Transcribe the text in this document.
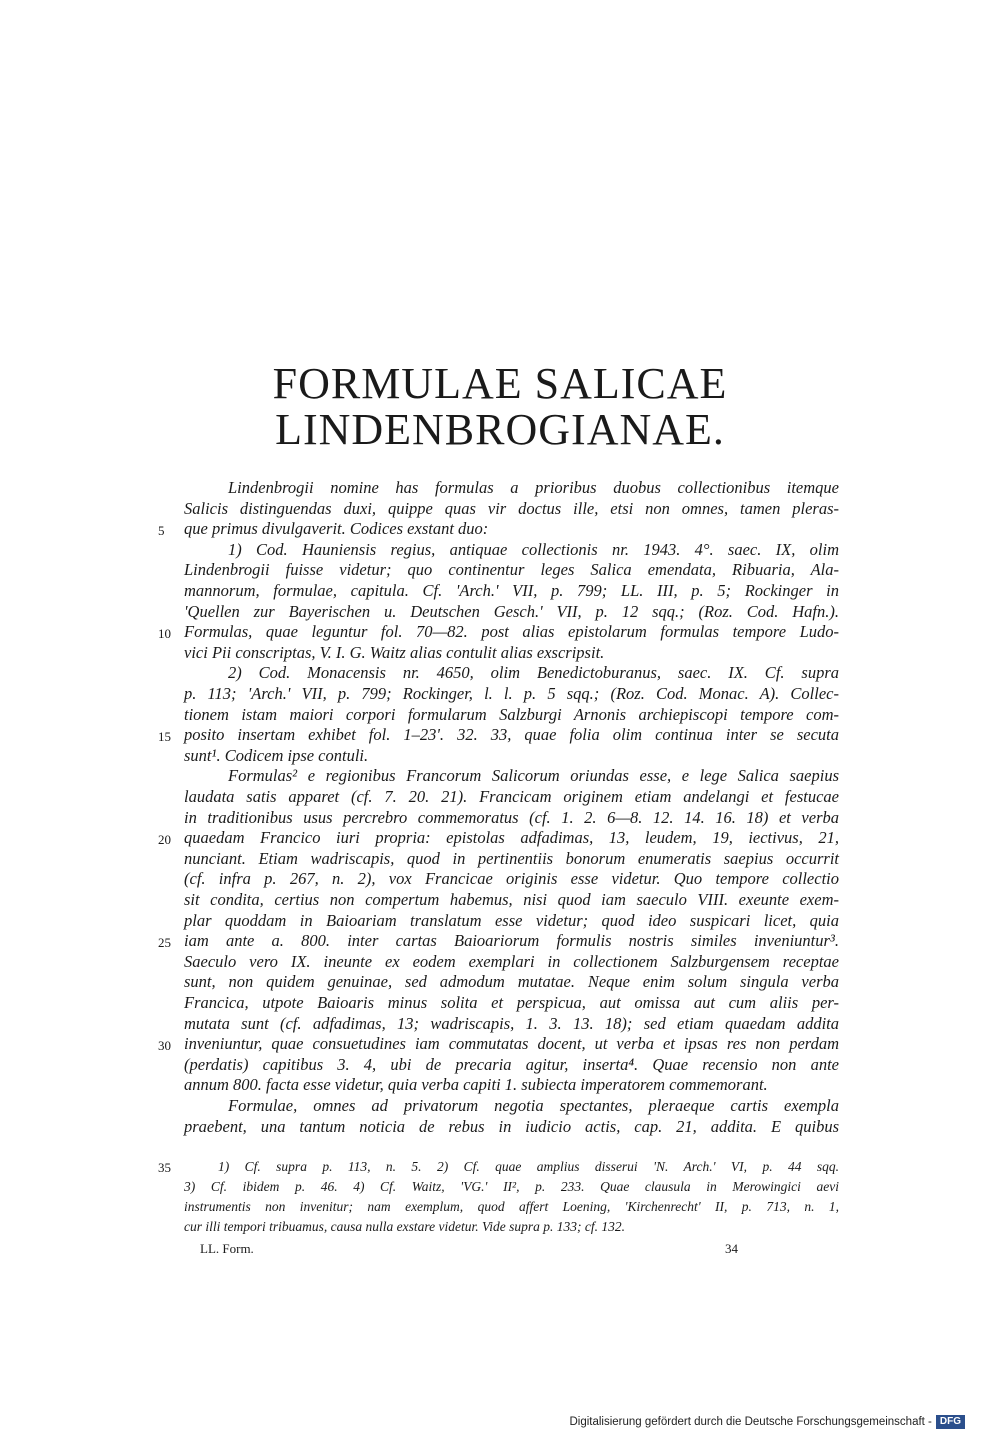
FORMULAE SALICAE
LINDENBROGIANAE.
Lindenbrogii nomine has formulas a prioribus duobus collectionibus itemque
Salicis distinguendas duxi, quippe quas vir doctus ille, etsi non omnes, tamen pleras-
que primus divulgaverit. Codices exstant duo:
5
1) Cod. Hauniensis regius, antiquae collectionis nr. 1943. 4°. saec. IX, olim
Lindenbrogii fuisse videtur; quo continentur leges Salica emendata, Ribuaria, Ala-
mannorum, formulae, capitula. Cf. 'Arch.' VII, p. 799; LL. III, p. 5; Rockinger in
'Quellen zur Bayerischen u. Deutschen Gesch.' VII, p. 12 sqq.; (Roz. Cod. Hafn.).
Formulas, quae leguntur fol. 70—82. post alias epistolarum formulas tempore Ludo-
10
vici Pii conscriptas, V. I. G. Waitz alias contulit alias exscripsit.
2) Cod. Monacensis nr. 4650, olim Benedictoburanus, saec. IX. Cf. supra
p. 113; 'Arch.' VII, p. 799; Rockinger, l. l. p. 5 sqq.; (Roz. Cod. Monac. A). Collec-
tionem istam maiori corpori formularum Salzburgi Arnonis archiepiscopi tempore com-
posito insertam exhibet fol. 1–23'. 32. 33, quae folia olim continua inter se secuta
15
sunt¹. Codicem ipse contuli.
Formulas² e regionibus Francorum Salicorum oriundas esse, e lege Salica saepius
laudata satis apparet (cf. 7. 20. 21). Francicam originem etiam andelangi et festucae
in traditionibus usus percrebro commemoratus (cf. 1. 2. 6—8. 12. 14. 16. 18) et verba
quaedam Francico iuri propria: epistolas adfadimas, 13, leudem, 19, iectivus, 21,
20
nunciant. Etiam wadriscapis, quod in pertinentiis bonorum enumeratis saepius occurrit
(cf. infra p. 267, n. 2), vox Francicae originis esse videtur. Quo tempore collectio
sit condita, certius non compertum habemus, nisi quod iam saeculo VIII. exeunte exem-
plar quoddam in Baioariam translatum esse videtur; quod ideo suspicari licet, quia
iam ante a. 800. inter cartas Baioariorum formulis nostris similes inveniuntur³.
25
Saeculo vero IX. ineunte ex eodem exemplari in collectionem Salzburgensem receptae
sunt, non quidem genuinae, sed admodum mutatae. Neque enim solum singula verba
Francica, utpote Baioaris minus solita et perspicua, aut omissa aut cum aliis per-
mutata sunt (cf. adfadimas, 13; wadriscapis, 1. 3. 13. 18); sed etiam quaedam addita
inveniuntur, quae consuetudines iam commutatas docent, ut verba et ipsas res non perdam
30
(perdatis) capitibus 3. 4, ubi de precaria agitur, inserta⁴. Quae recensio non ante
annum 800. facta esse videtur, quia verba capiti 1. subiecta imperatorem commemorant.
Formulae, omnes ad privatorum negotia spectantes, pleraeque cartis exempla
praebent, una tantum noticia de rebus in iudicio actis, cap. 21, addita. E quibus
1) Cf. supra p. 113, n. 5. 2) Cf. quae amplius disserui 'N. Arch.' VI, p. 44 sqq.
35
3) Cf. ibidem p. 46. 4) Cf. Waitz, 'VG.' II², p. 233. Quae clausula in Merowingici aevi
instrumentis non invenitur; nam exemplum, quod affert Loening, 'Kirchenrecht' II, p. 713, n. 1,
cur illi tempori tribuamus, causa nulla exstare videtur. Vide supra p. 133; cf. 132.
LL. Form.	34
Digitalisierung gefördert durch die Deutsche Forschungsgemeinschaft - DFG
